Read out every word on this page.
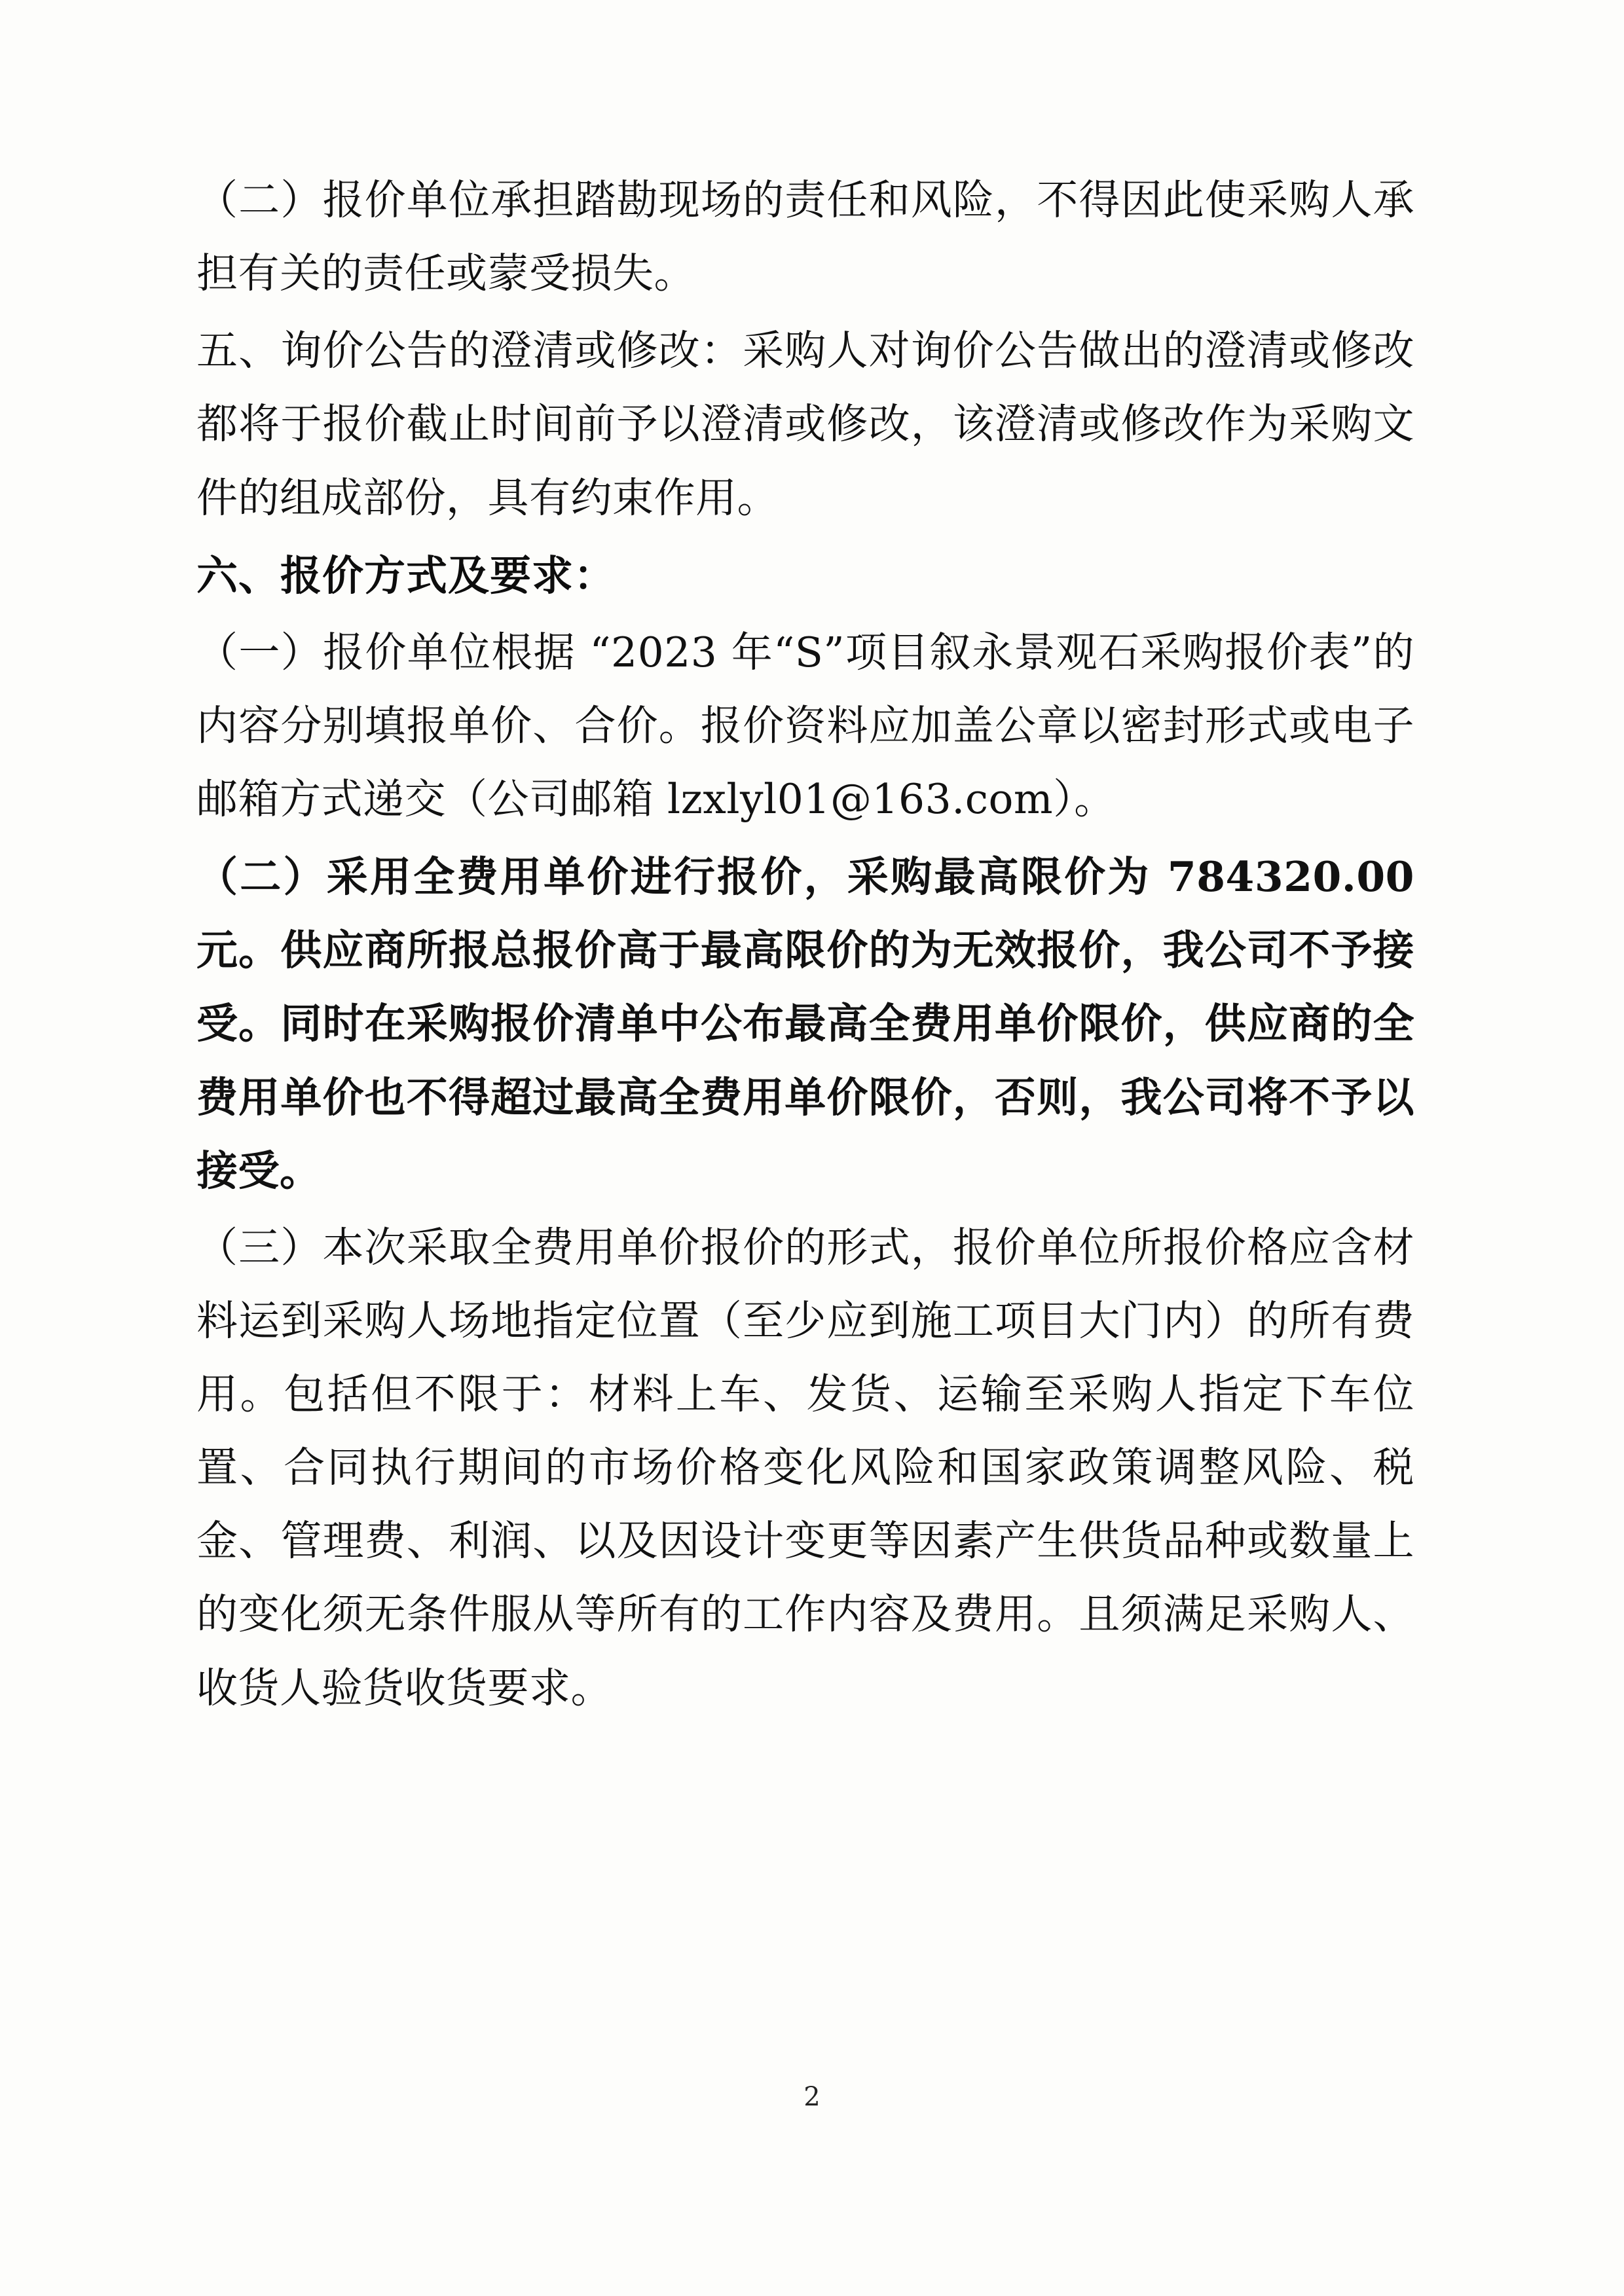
（二）报价单位承担踏勘现场的责任和风险，不得因此使采购人承担有关的责任或蒙受损失。

五、询价公告的澄清或修改：采购人对询价公告做出的澄清或修改都将于报价截止时间前予以澄清或修改，该澄清或修改作为采购文件的组成部份，具有约束作用。

六、报价方式及要求：

（一）报价单位根据 “2023 年“S”项目叙永景观石采购报价表”的内容分别填报单价、合价。报价资料应加盖公章以密封形式或电子邮箱方式递交（公司邮箱 lzxlyl01@163.com）。

（二）采用全费用单价进行报价，采购最高限价为 784320.00 元。供应商所报总报价高于最高限价的为无效报价，我公司不予接受。同时在采购报价清单中公布最高全费用单价限价，供应商的全费用单价也不得超过最高全费用单价限价，否则，我公司将不予以接受。

（三）本次采取全费用单价报价的形式，报价单位所报价格应含材料运到采购人场地指定位置（至少应到施工项目大门内）的所有费用。包括但不限于：材料上车、发货、运输至采购人指定下车位置、合同执行期间的市场价格变化风险和国家政策调整风险、税金、管理费、利润、以及因设计变更等因素产生供货品种或数量上的变化须无条件服从等所有的工作内容及费用。且须满足采购人、收货人验货收货要求。

2
